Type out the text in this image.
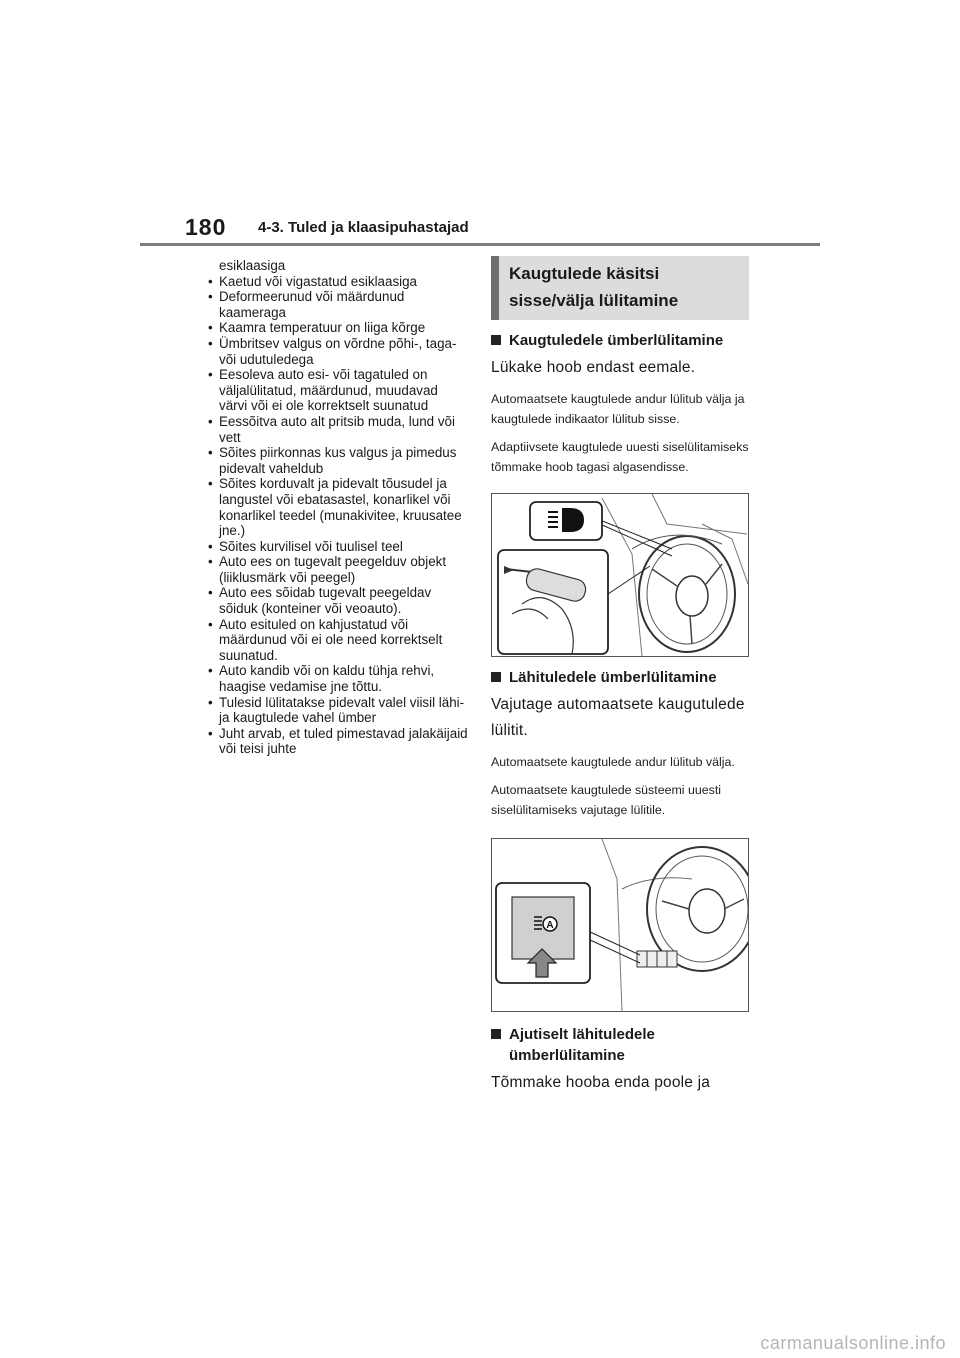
180 4-3. Tuled ja klaasipuhastajad
esiklaasiga
• Kaetud või vigastatud esiklaasiga
• Deformeerunud või määrdunud kaameraga
• Kaamra temperatuur on liiga kõrge
• Ümbritsev valgus on võrdne põhi-, taga- või udutuledega
• Eesoleva auto esi- või tagatuled on väljalülitatud, määrdunud, muudavad värvi või ei ole korrektselt suunatud
• Eessõitva auto alt pritsib muda, lund või vett
• Sõites piirkonnas kus valgus ja pimedus pidevalt vaheldub
• Sõites korduvalt ja pidevalt tõusudel ja langustel või ebatasastel, konarlikel või konarlikel teedel (munakivitee, kruusatee jne.)
• Sõites kurvilisel või tuulisel teel
• Auto ees on tugevalt peegelduv objekt (liiklusmärk või peegel)
• Auto ees sõidab tugevalt peegeldav sõiduk (konteiner või veoauto).
• Auto esituled on kahjustatud või määrdunud või ei ole need korrektselt suunatud.
• Auto kandib või on kaldu tühja rehvi, haagise vedamise jne tõttu.
• Tulesid lülitatakse pidevalt valel viisil lähi- ja kaugtulede vahel ümber
• Juht arvab, et tuled pimestavad jalakäijaid või teisi juhte
Kaugtulede käsitsi
sisse/välja lülitamine
Kaugtuledele ümberlülitamine
Lükake hoob endast eemale.
Automaatsete kaugtulede andur lülitub välja ja kaugtulede indikaator lülitub sisse.
Adaptiivsete kaugtulede uuesti siselülitamiseks tõmmake hoob tagasi algasendisse.
Lähituledele ümberlülitamine
Vajutage automaatsete kaugutulede lülitit.
Automaatsete kaugtulede andur lülitub välja.
Automaatsete kaugtulede süsteemi uuesti siselülitamiseks vajutage lülitile.
A
Ajutiselt lähituledele ümberlülitamine
Tõmmake hooba enda poole ja
carmanualsonline.info
